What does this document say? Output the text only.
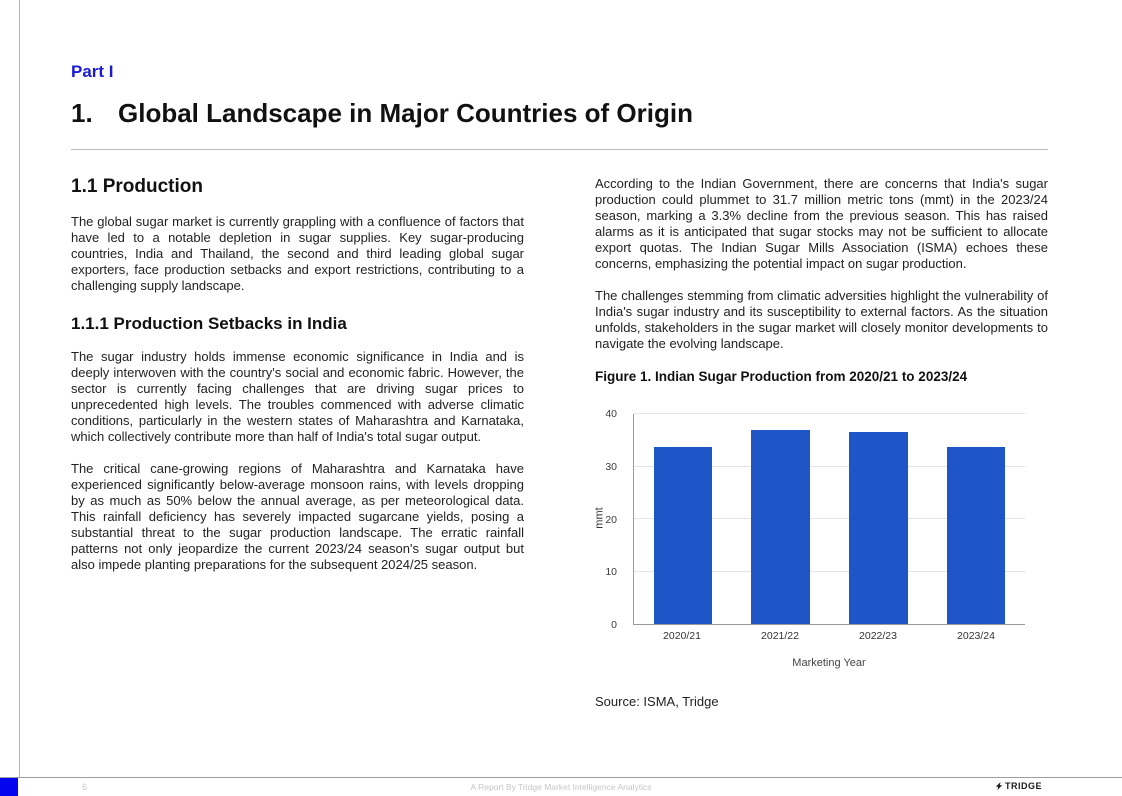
Part I
1. Global Landscape in Major Countries of Origin
1.1 Production

The global sugar market is currently grappling with a confluence of factors that have led to a notable depletion in sugar supplies. Key sugar-producing countries, India and Thailand, the second and third leading global sugar exporters, face production setbacks and export restrictions, contributing to a challenging supply landscape.

1.1.1 Production Setbacks in India

The sugar industry holds immense economic significance in India and is deeply interwoven with the country's social and economic fabric. However, the sector is currently facing challenges that are driving sugar prices to unprecedented high levels. The troubles commenced with adverse climatic conditions, particularly in the western states of Maharashtra and Karnataka, which collectively contribute more than half of India's total sugar output.

The critical cane-growing regions of Maharashtra and Karnataka have experienced significantly below-average monsoon rains, with levels dropping by as much as 50% below the annual average, as per meteorological data. This rainfall deficiency has severely impacted sugarcane yields, posing a substantial threat to the sugar production landscape. The erratic rainfall patterns not only jeopardize the current 2023/24 season's sugar output but also impede planting preparations for the subsequent 2024/25 season.

According to the Indian Government, there are concerns that India's sugar production could plummet to 31.7 million metric tons (mmt) in the 2023/24 season, marking a 3.3% decline from the previous season. This has raised alarms as it is anticipated that sugar stocks may not be sufficient to allocate export quotas. The Indian Sugar Mills Association (ISMA) echoes these concerns, emphasizing the potential impact on sugar production.

The challenges stemming from climatic adversities highlight the vulnerability of India's sugar industry and its susceptibility to external factors. As the situation unfolds, stakeholders in the sugar market will closely monitor developments to navigate the evolving landscape.

Figure 1. Indian Sugar Production from 2020/21 to 2023/24
mmt
0
10
20
30
40
2020/21	2021/22	2022/23	2023/24
Marketing Year

Source: ISMA, Tridge

6	A Report By Tridge Market Intelligence Analytics	TRIDGE
